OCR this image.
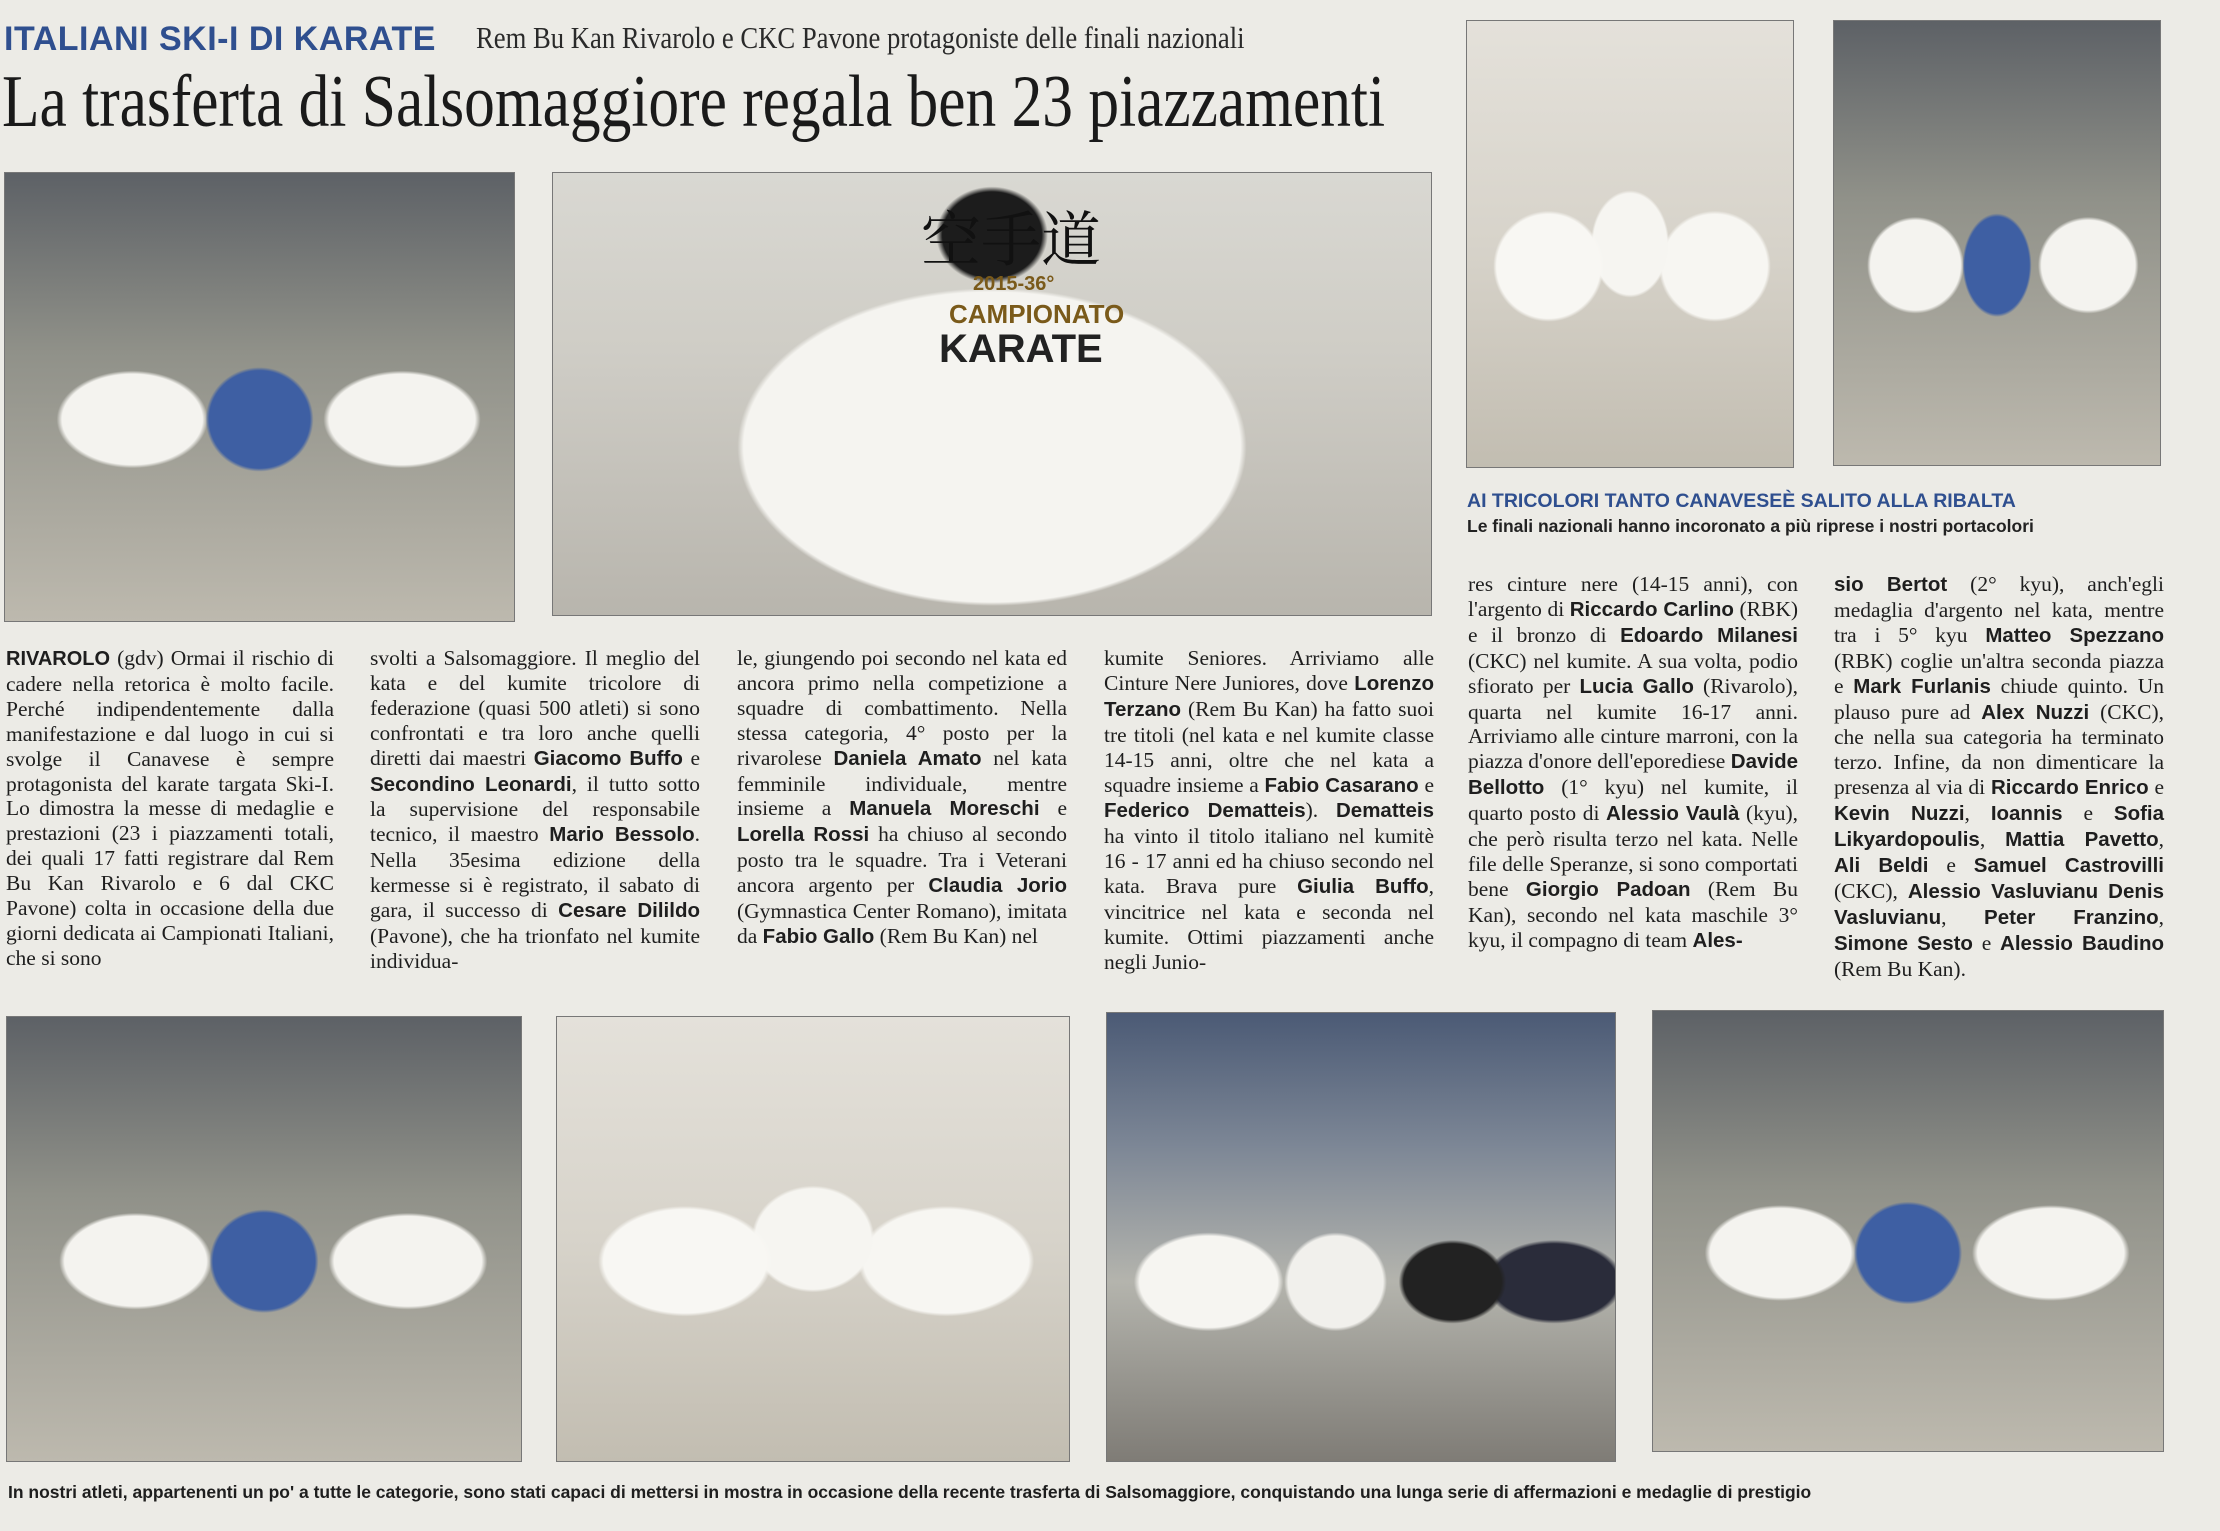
ITALIANI SKI-I DI KARATE Rem Bu Kan Rivarolo e CKC Pavone protagoniste delle finali nazionali
La trasferta di Salsomaggiore regala ben 23 piazzamenti
空手道
2015-36°
CAMPIONATO
KARATE
AI TRICOLORI TANTO CANAVESEÈ SALITO ALLA RIBALTA
Le finali nazionali hanno incoronato a più riprese i nostri portacolori

RIVAROLO (gdv) Ormai il rischio di cadere nella retorica è molto facile. Perché indipendentemente dalla manifestazione e dal luogo in cui si svolge il Canavese è sempre protagonista del karate targata Ski-I. Lo dimostra la messe di medaglie e prestazioni (23 i piazzamenti totali, dei quali 17 fatti registrare dal Rem Bu Kan Rivarolo e 6 dal CKC Pavone) colta in occasione della due giorni dedicata ai Campionati Italiani, che si sono

svolti a Salsomaggiore. Il meglio del kata e del kumite tricolore di federazione (quasi 500 atleti) si sono confrontati e tra loro anche quelli diretti dai maestri Giacomo Buffo e Secondino Leonardi, il tutto sotto la supervisione del responsabile tecnico, il maestro Mario Bessolo. Nella 35esima edizione della kermesse si è registrato, il sabato di gara, il successo di Cesare Dilildo (Pavone), che ha trionfato nel kumite individua-

le, giungendo poi secondo nel kata ed ancora primo nella competizione a squadre di combattimento. Nella stessa categoria, 4° posto per la rivarolese Daniela Amato nel kata femminile individuale, mentre insieme a Manuela Moreschi e Lorella Rossi ha chiuso al secondo posto tra le squadre. Tra i Veterani ancora argento per Claudia Jorio (Gymnastica Center Romano), imitata da Fabio Gallo (Rem Bu Kan) nel

kumite Seniores. Arriviamo alle Cinture Nere Juniores, dove Lorenzo Terzano (Rem Bu Kan) ha fatto suoi tre titoli (nel kata e nel kumite classe 14-15 anni, oltre che nel kata a squadre insieme a Fabio Casarano e Federico Dematteis). Dematteis ha vinto il titolo italiano nel kumitè 16 - 17 anni ed ha chiuso secondo nel kata. Brava pure Giulia Buffo, vincitrice nel kata e seconda nel kumite. Ottimi piazzamenti anche negli Junio-

res cinture nere (14-15 anni), con l'argento di Riccardo Carlino (RBK) e il bronzo di Edoardo Milanesi (CKC) nel kumite. A sua volta, podio sfiorato per Lucia Gallo (Rivarolo), quarta nel kumite 16-17 anni. Arriviamo alle cinture marroni, con la piazza d'onore dell'eporediese Davide Bellotto (1° kyu) nel kumite, il quarto posto di Alessio Vaulà (kyu), che però risulta terzo nel kata. Nelle file delle Speranze, si sono comportati bene Giorgio Padoan (Rem Bu Kan), secondo nel kata maschile 3° kyu, il compagno di team Ales-

sio Bertot (2° kyu), anch'egli medaglia d'argento nel kata, mentre tra i 5° kyu Matteo Spezzano (RBK) coglie un'altra seconda piazza e Mark Furlanis chiude quinto. Un plauso pure ad Alex Nuzzi (CKC), che nella sua categoria ha terminato terzo. Infine, da non dimenticare la presenza al via di Riccardo Enrico e Kevin Nuzzi, Ioannis e Sofia Likyardopoulis, Mattia Pavetto, Ali Beldi e Samuel Castrovilli (CKC), Alessio Vasluvianu Denis Vasluvianu, Peter Franzino, Simone Sesto e Alessio Baudino (Rem Bu Kan).

In nostri atleti, appartenenti un po' a tutte le categorie, sono stati capaci di mettersi in mostra in occasione della recente trasferta di Salsomaggiore, conquistando una lunga serie di affermazioni e medaglie di prestigio
